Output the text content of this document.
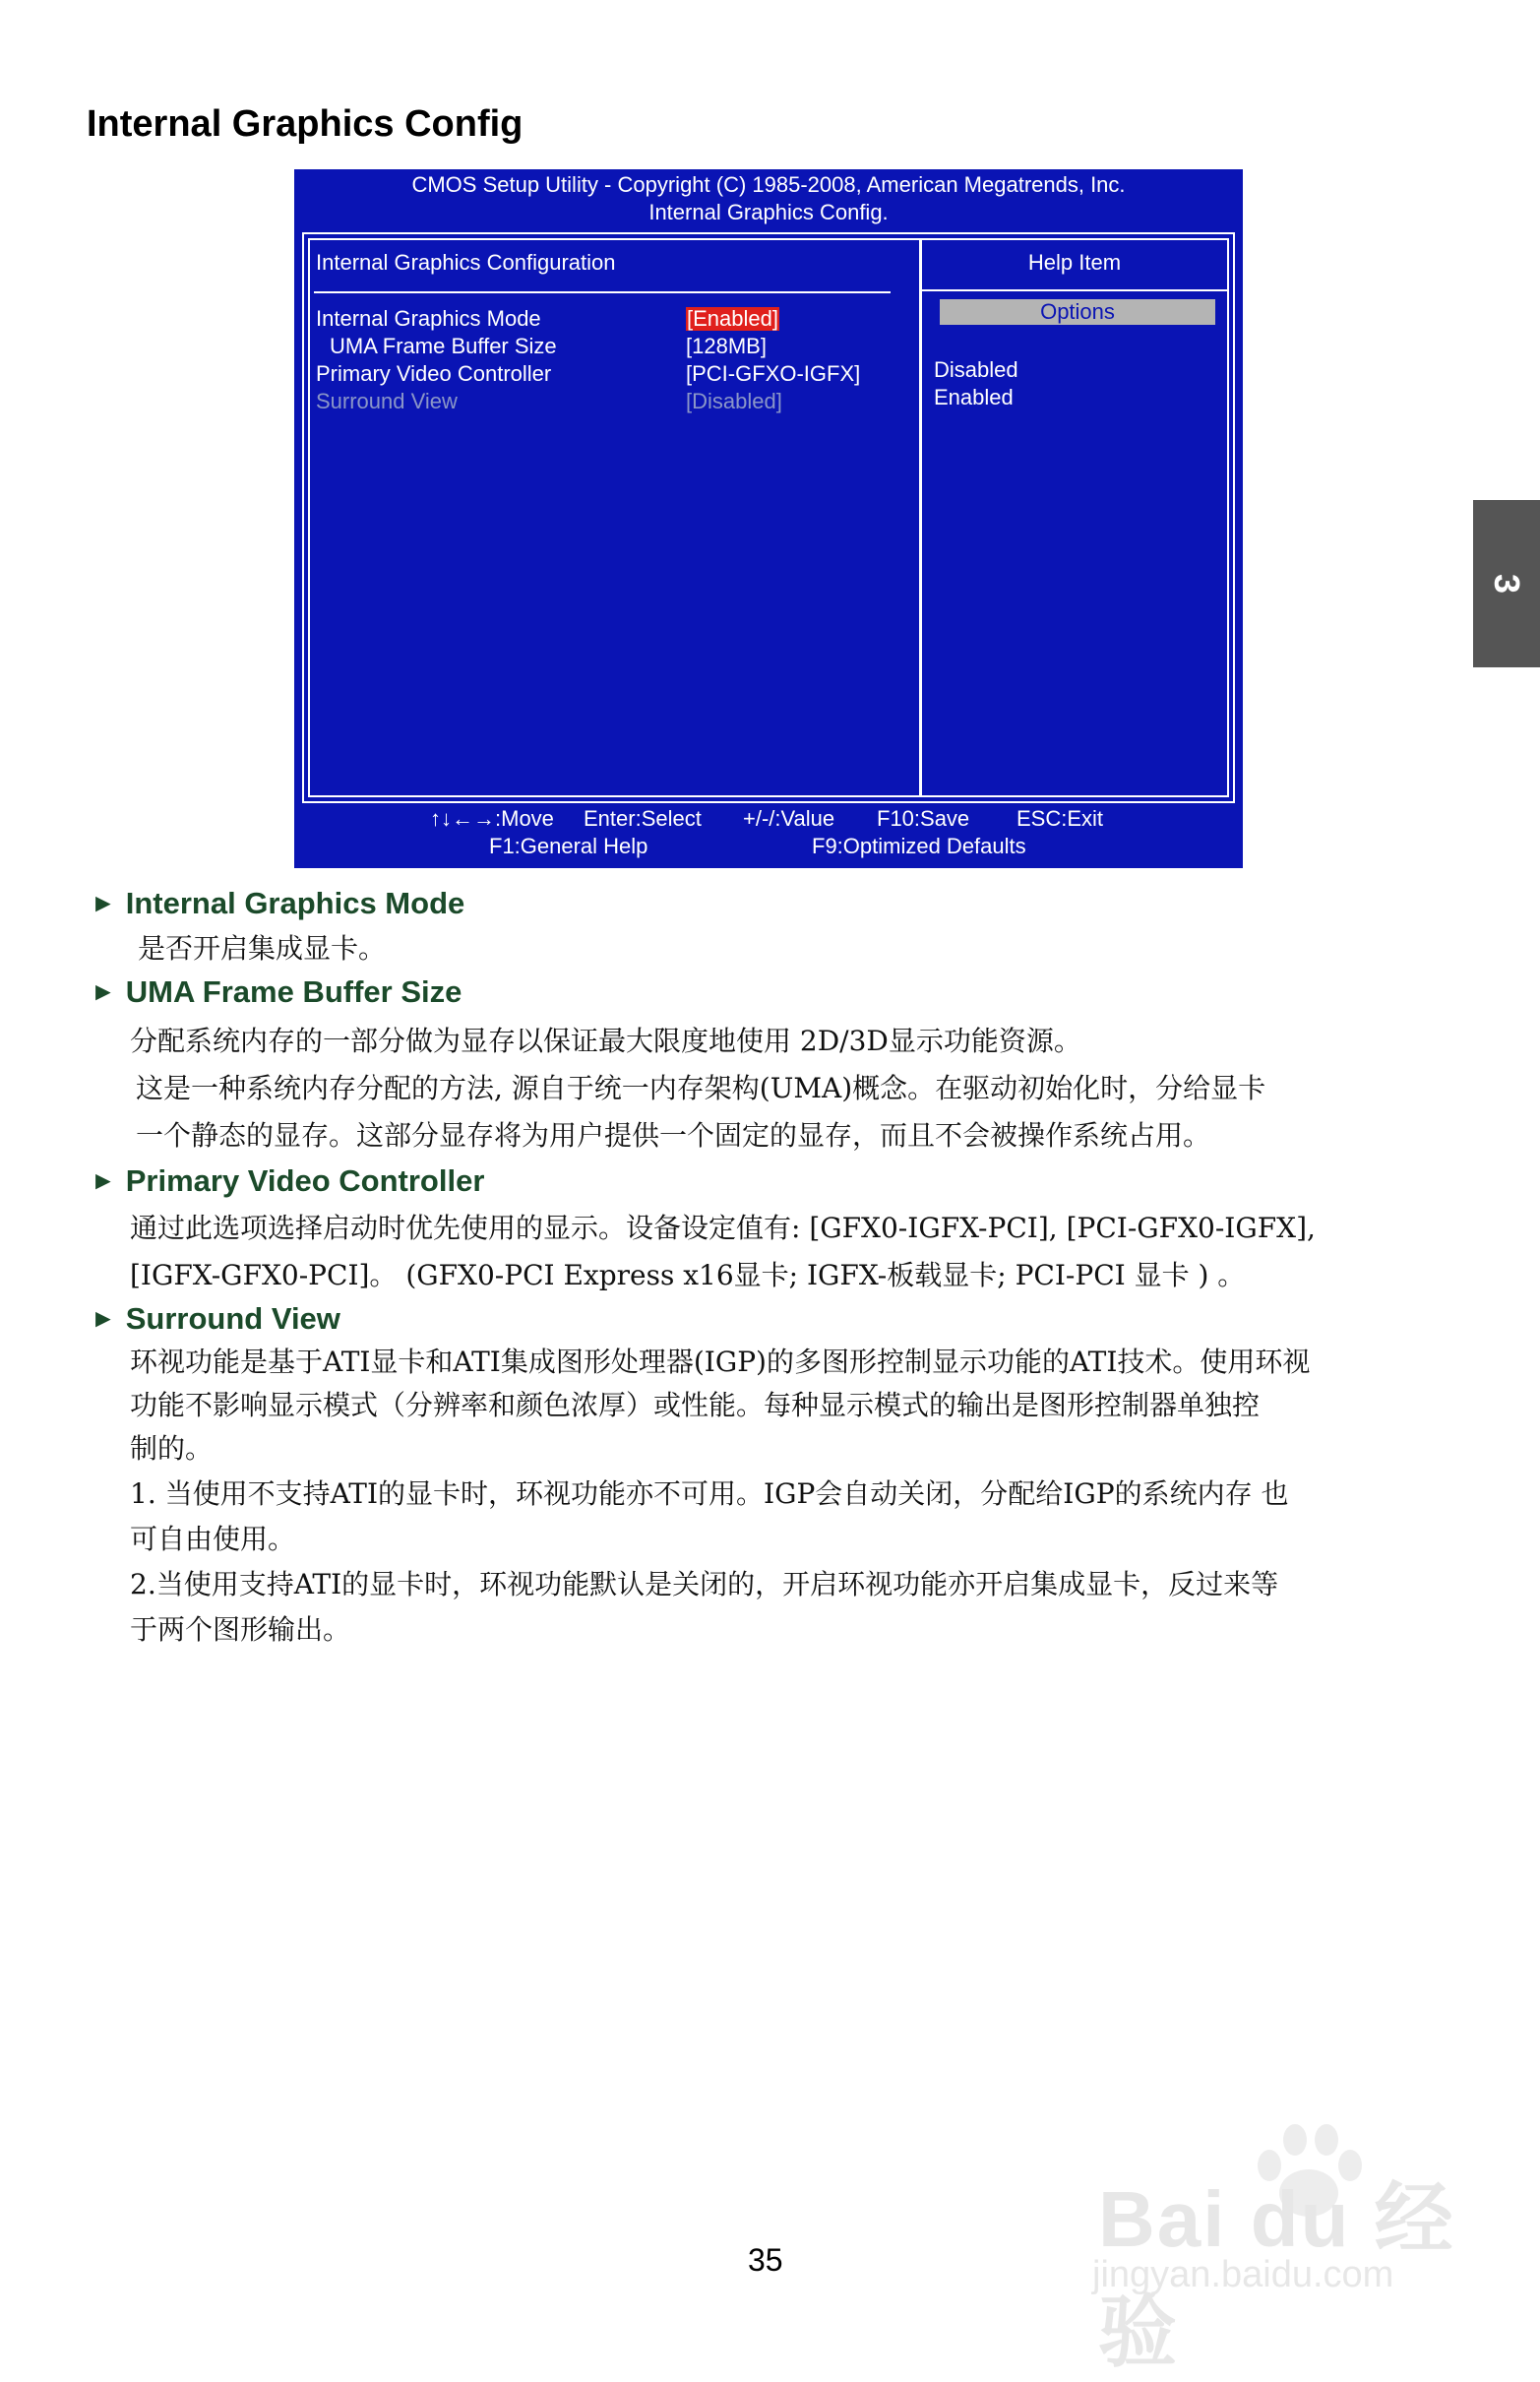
Internal Graphics Config
3
CMOS Setup Utility - Copyright (C) 1985-2008, American Megatrends, Inc.
Internal Graphics Config.
Internal Graphics Configuration	Help Item
Internal Graphics Mode	[Enabled]
UMA Frame Buffer Size	[128MB]
Primary Video Controller	[PCI-GFXO-IGFX]
Surround View	[Disabled]
Options
Disabled
Enabled
↑↓←→:Move Enter:Select +/-/:Value F10:Save ESC:Exit
F1:General Help	F9:Optimized Defaults
► Internal Graphics Mode
是否开启集成显卡。
► UMA Frame Buffer Size
分配系统内存的一部分做为显存以保证最大限度地使用 2D/3D显示功能资源。
这是一种系统内存分配的方法, 源自于统一内存架构(UMA)概念。在驱动初始化时，分给显卡
一个静态的显存。这部分显存将为用户提供一个固定的显存，而且不会被操作系统占用。
► Primary Video Controller
通过此选项选择启动时优先使用的显示。设备设定值有: [GFX0-IGFX-PCI], [PCI-GFX0-IGFX],
[IGFX-GFX0-PCI]。 (GFX0-PCI Express x16显卡; IGFX-板载显卡; PCI-PCI 显卡 ) 。
► Surround View
环视功能是基于ATI显卡和ATI集成图形处理器(IGP)的多图形控制显示功能的ATI技术。使用环视
功能不影响显示模式（分辨率和颜色浓厚）或性能。每种显示模式的输出是图形控制器单独控
制的。
1. 当使用不支持ATI的显卡时，环视功能亦不可用。IGP会自动关闭，分配给IGP的系统内存 也
可自由使用。
2.当使用支持ATI的显卡时，环视功能默认是关闭的，开启环视功能亦开启集成显卡，反过来等
于两个图形输出。
35	Bai du 经验
jingyan.baidu.com
